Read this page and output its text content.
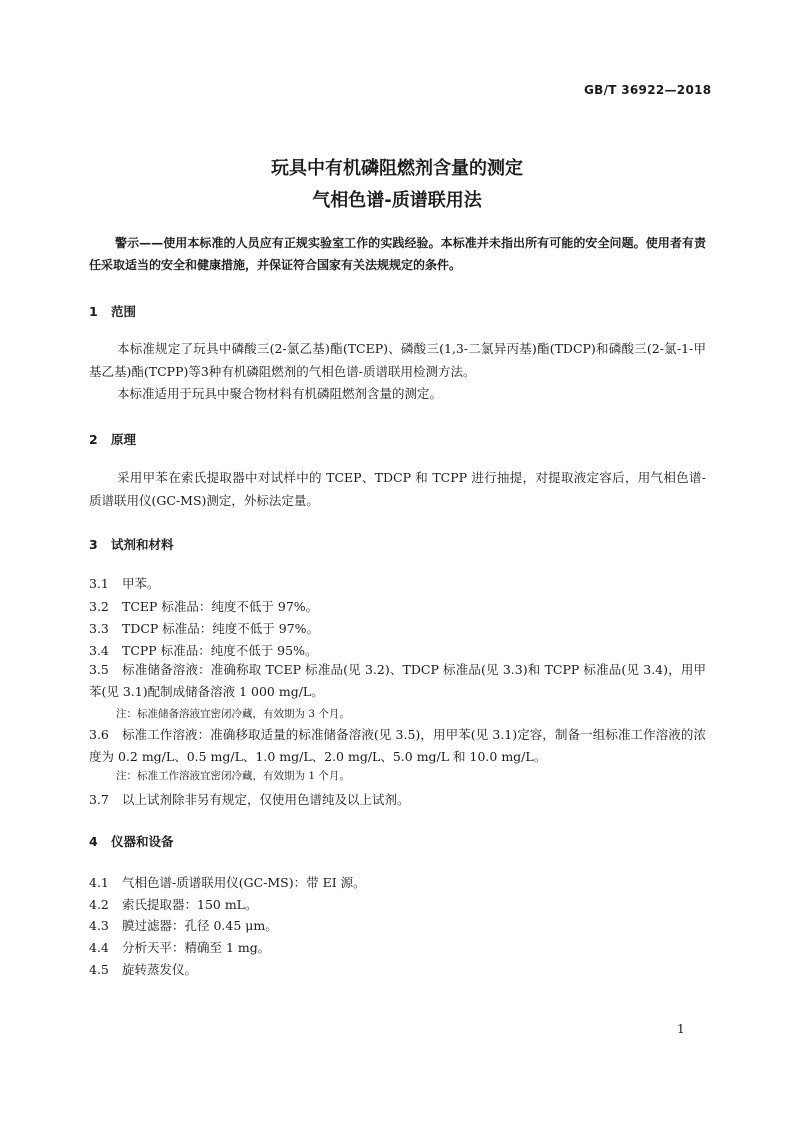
GB/T 36922—2018
玩具中有机磷阻燃剂含量的测定
气相色谱-质谱联用法
警示——使用本标准的人员应有正规实验室工作的实践经验。本标准并未指出所有可能的安全问题。使用者有责任采取适当的安全和健康措施，并保证符合国家有关法规规定的条件。
1 范围
本标准规定了玩具中磷酸三(2-氯乙基)酯(TCEP)、磷酸三(1,3-二氯异丙基)酯(TDCP)和磷酸三(2-氯-1-甲基乙基)酯(TCPP)等3种有机磷阻燃剂的气相色谱-质谱联用检测方法。
本标准适用于玩具中聚合物材料有机磷阻燃剂含量的测定。
2 原理
采用甲苯在索氏提取器中对试样中的 TCEP、TDCP 和 TCPP 进行抽提，对提取液定容后，用气相色谱-质谱联用仪(GC-MS)测定，外标法定量。
3 试剂和材料
3.1 甲苯。
3.2 TCEP 标准品：纯度不低于 97%。
3.3 TDCP 标准品：纯度不低于 97%。
3.4 TCPP 标准品：纯度不低于 95%。
3.5 标准储备溶液：准确称取 TCEP 标准品(见 3.2)、TDCP 标准品(见 3.3)和 TCPP 标准品(见 3.4)，用甲苯(见 3.1)配制成储备溶液 1 000 mg/L。
注：标准储备溶液宜密闭冷藏，有效期为 3 个月。
3.6 标准工作溶液：准确移取适量的标准储备溶液(见 3.5)，用甲苯(见 3.1)定容，制备一组标准工作溶液的浓度为 0.2 mg/L、0.5 mg/L、1.0 mg/L、2.0 mg/L、5.0 mg/L 和 10.0 mg/L。
注：标准工作溶液宜密闭冷藏，有效期为 1 个月。
3.7 以上试剂除非另有规定，仅使用色谱纯及以上试剂。
4 仪器和设备
4.1 气相色谱-质谱联用仪(GC-MS)：带 EI 源。
4.2 索氏提取器：150 mL。
4.3 膜过滤器：孔径 0.45 μm。
4.4 分析天平：精确至 1 mg。
4.5 旋转蒸发仪。
1
